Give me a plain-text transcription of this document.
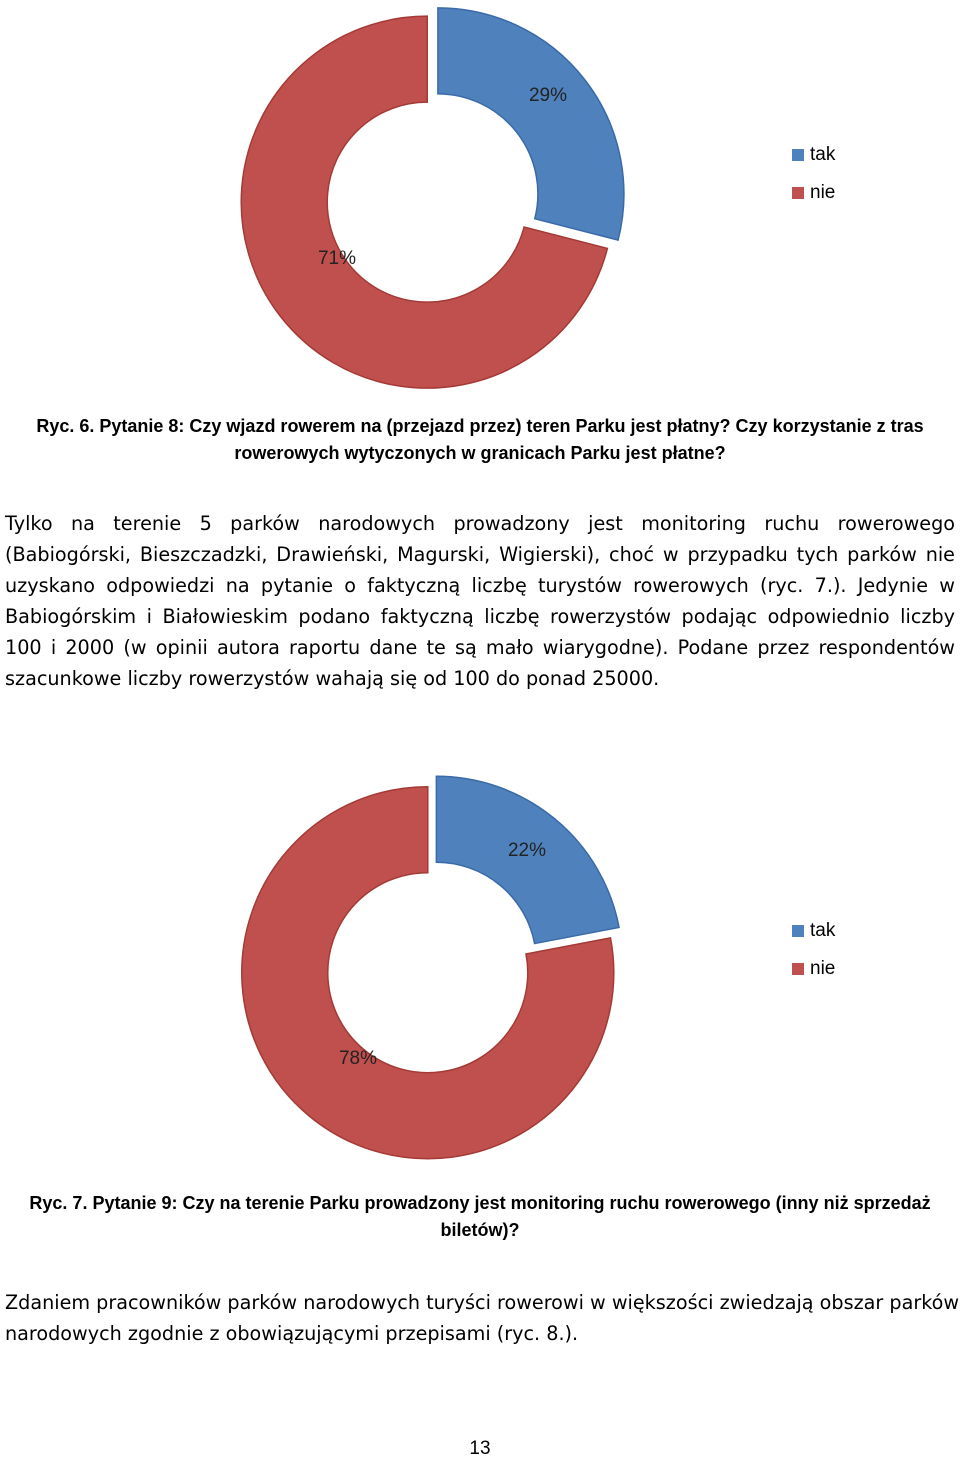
29%
71%
tak
nie
Ryc. 6. Pytanie 8: Czy wjazd rowerem na (przejazd przez) teren Parku jest płatny? Czy korzystanie z tras rowerowych wytyczonych w granicach Parku jest płatne?
Tylko na terenie 5 parków narodowych prowadzony jest monitoring ruchu rowerowego (Babiogórski, Bieszczadzki, Drawieński, Magurski, Wigierski), choć w przypadku tych parków nie uzyskano odpowiedzi na pytanie o faktyczną liczbę turystów rowerowych (ryc. 7.). Jedynie w Babiogórskim i Białowieskim podano faktyczną liczbę rowerzystów podając odpowiednio liczby 100 i 2000 (w opinii autora raportu dane te są mało wiarygodne). Podane przez respondentów szacunkowe liczby rowerzystów wahają się od 100 do ponad 25000.
22%
78%
tak
nie
Ryc. 7. Pytanie 9: Czy na terenie Parku prowadzony jest monitoring ruchu rowerowego (inny niż sprzedaż biletów)?
Zdaniem pracowników parków narodowych turyści rowerowi w większości zwiedzają obszar parków narodowych zgodnie z obowiązującymi przepisami (ryc. 8.).
13
